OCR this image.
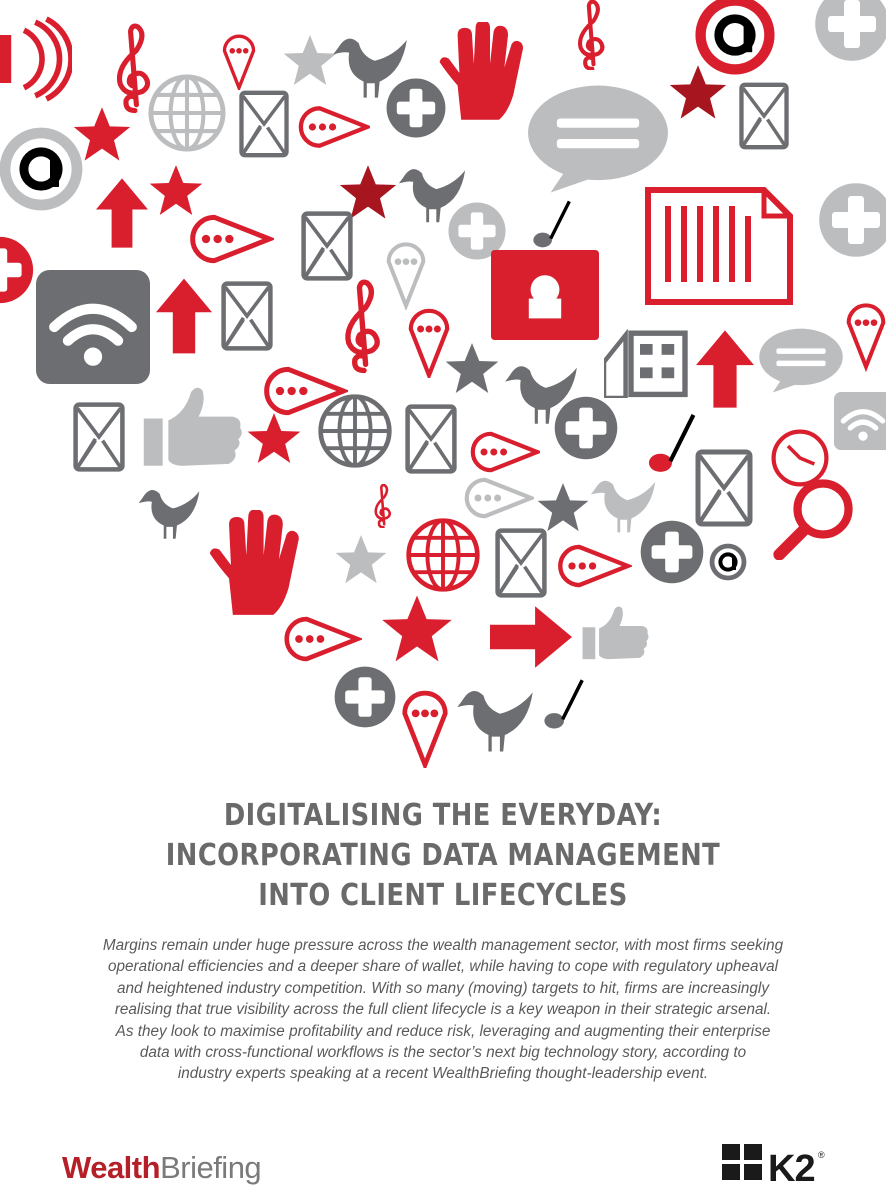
DIGITALISING THE EVERYDAY:
INCORPORATING DATA MANAGEMENT
INTO CLIENT LIFECYCLES
Margins remain under huge pressure across the wealth management sector, with most firms seeking
operational efficiencies and a deeper share of wallet, while having to cope with regulatory upheaval
and heightened industry competition. With so many (moving) targets to hit, firms are increasingly
realising that true visibility across the full client lifecycle is a key weapon in their strategic arsenal.
As they look to maximise profitability and reduce risk, leveraging and augmenting their enterprise
data with cross-functional workflows is the sector’s next big technology story, according to
industry experts speaking at a recent WealthBriefing thought-leadership event.
WealthBriefing	K2 ®
